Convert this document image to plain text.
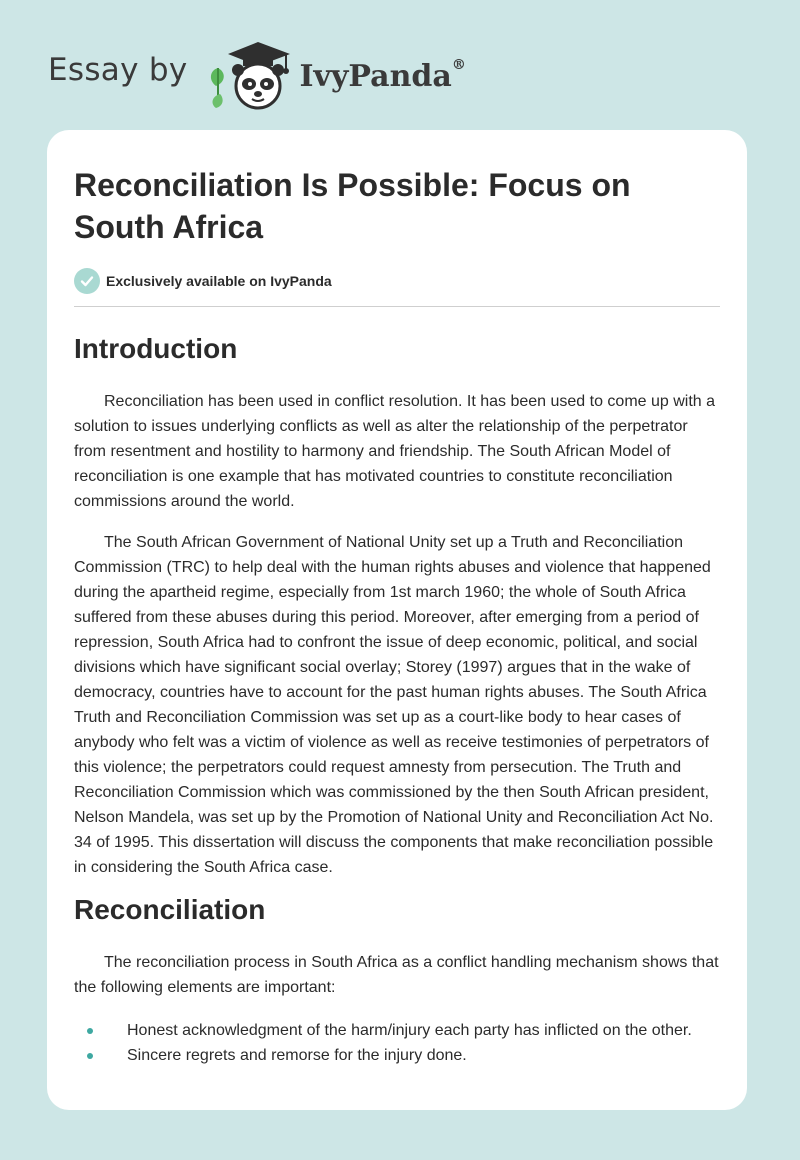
Essay by	IvyPanda®
Reconciliation Is Possible: Focus on South Africa
Exclusively available on IvyPanda
Introduction

Reconciliation has been used in conflict resolution. It has been used to come up with a solution to issues underlying conflicts as well as alter the relationship of the perpetrator from resentment and hostility to harmony and friendship. The South African Model of reconciliation is one example that has motivated countries to constitute reconciliation commissions around the world.

The South African Government of National Unity set up a Truth and Reconciliation Commission (TRC) to help deal with the human rights abuses and violence that happened during the apartheid regime, especially from 1st march 1960; the whole of South Africa suffered from these abuses during this period. Moreover, after emerging from a period of repression, South Africa had to confront the issue of deep economic, political, and social divisions which have significant social overlay; Storey (1997) argues that in the wake of democracy, countries have to account for the past human rights abuses. The South Africa Truth and Reconciliation Commission was set up as a court-like body to hear cases of anybody who felt was a victim of violence as well as receive testimonies of perpetrators of this violence; the perpetrators could request amnesty from persecution. The Truth and Reconciliation Commission which was commissioned by the then South African president, Nelson Mandela, was set up by the Promotion of National Unity and Reconciliation Act No. 34 of 1995. This dissertation will discuss the components that make reconciliation possible in considering the South Africa case.

Reconciliation

The reconciliation process in South Africa as a conflict handling mechanism shows that the following elements are important:

Honest acknowledgment of the harm/injury each party has inflicted on the other.
Sincere regrets and remorse for the injury done.
